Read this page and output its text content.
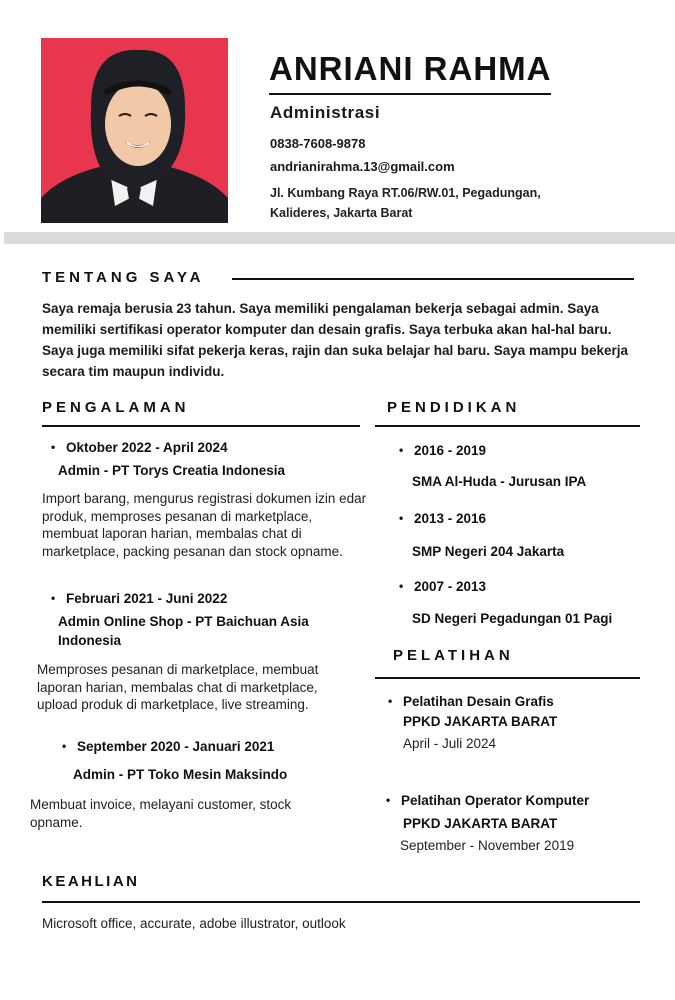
ANRIANI RAHMA
Administrasi
0838-7608-9878
andrianirahma.13@gmail.com
Jl. Kumbang Raya RT.06/RW.01, Pegadungan, Kalideres, Jakarta Barat
TENTANG SAYA
Saya remaja berusia 23 tahun. Saya memiliki pengalaman bekerja sebagai admin. Saya memiliki sertifikasi operator komputer dan desain grafis. Saya terbuka akan hal-hal baru. Saya juga memiliki sifat pekerja keras, rajin dan suka belajar hal baru. Saya mampu bekerja secara tim maupun individu.
PENGALAMAN
• Oktober 2022 - April 2024
Admin - PT Torys Creatia Indonesia
Import barang, mengurus registrasi dokumen izin edar produk, memproses pesanan di marketplace, membuat laporan harian, membalas chat di marketplace, packing pesanan dan stock opname.
• Februari 2021 - Juni 2022
Admin Online Shop - PT Baichuan Asia Indonesia
Memproses pesanan di marketplace, membuat laporan harian, membalas chat di marketplace, upload produk di marketplace, live streaming.
• September 2020 - Januari 2021
Admin - PT Toko Mesin Maksindo
Membuat invoice, melayani customer, stock opname.
PENDIDIKAN
• 2016 - 2019
SMA Al-Huda - Jurusan IPA
• 2013 - 2016
SMP Negeri 204 Jakarta
• 2007 - 2013
SD Negeri Pegadungan 01 Pagi
PELATIHAN
• Pelatihan Desain Grafis
PPKD JAKARTA BARAT
April - Juli 2024
• Pelatihan Operator Komputer
PPKD JAKARTA BARAT
September - November 2019
KEAHLIAN
Microsoft office, accurate, adobe illustrator, outlook
